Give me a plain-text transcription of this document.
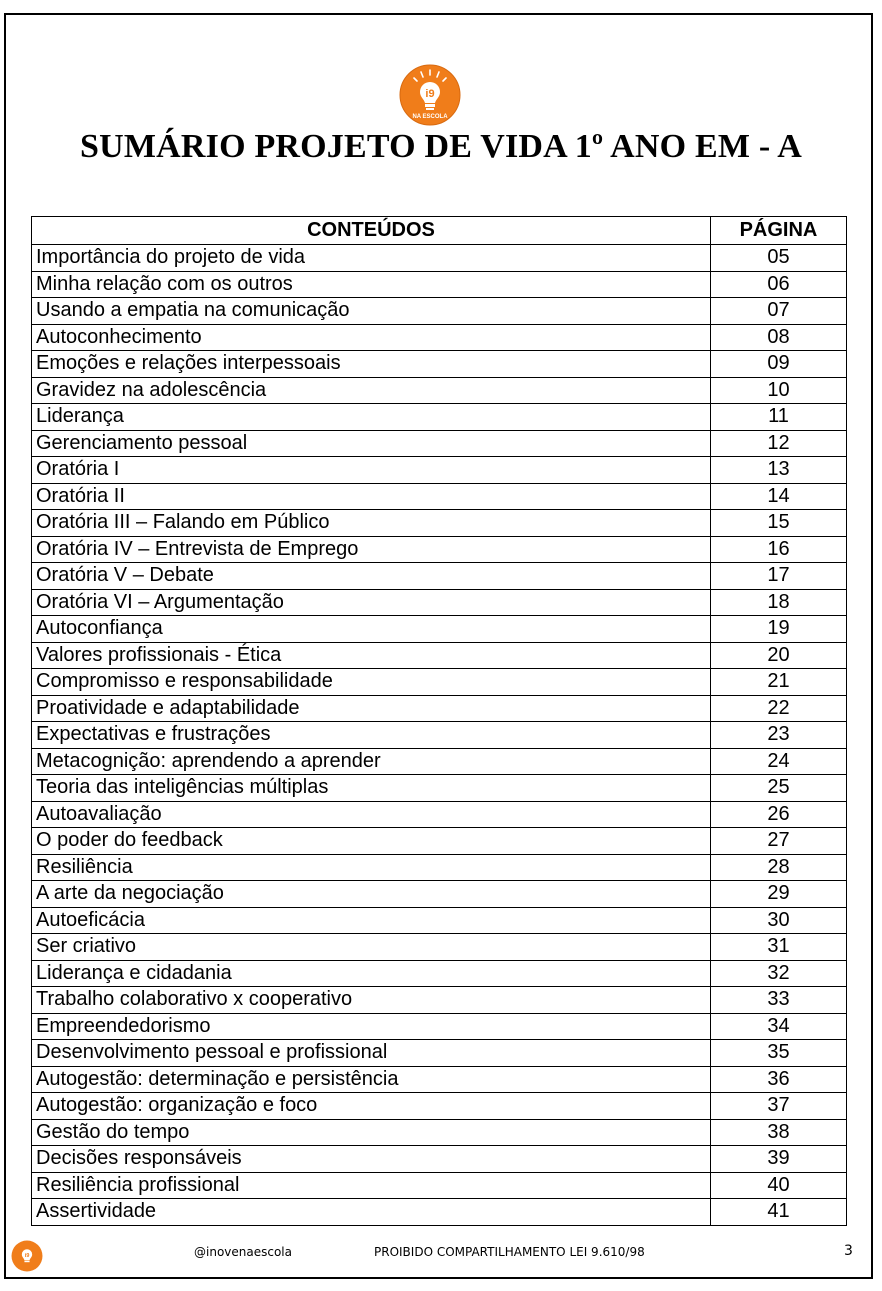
i9
NA ESCOLA
SUMÁRIO PROJETO DE VIDA 1º ANO EM - A
CONTEÚDOS	PÁGINA
Importância do projeto de vida	05
Minha relação com os outros	06
Usando a empatia na comunicação	07
Autoconhecimento	08
Emoções e relações interpessoais	09
Gravidez na adolescência	10
Liderança	11
Gerenciamento pessoal	12
Oratória I	13
Oratória II	14
Oratória III – Falando em Público	15
Oratória IV – Entrevista de Emprego	16
Oratória V – Debate	17
Oratória VI – Argumentação	18
Autoconfiança	19
Valores profissionais - Ética	20
Compromisso e responsabilidade	21
Proatividade e adaptabilidade	22
Expectativas e frustrações	23
Metacognição: aprendendo a aprender	24
Teoria das inteligências múltiplas	25
Autoavaliação	26
O poder do feedback	27
Resiliência	28
A arte da negociação	29
Autoeficácia	30
Ser criativo	31
Liderança e cidadania	32
Trabalho colaborativo x cooperativo	33
Empreendedorismo	34
Desenvolvimento pessoal e profissional	35
Autogestão: determinação e persistência	36
Autogestão: organização e foco	37
Gestão do tempo	38
Decisões responsáveis	39
Resiliência profissional	40
Assertividade	41
i9	@inovenaescola	PROIBIDO COMPARTILHAMENTO LEI 9.610/98	3
